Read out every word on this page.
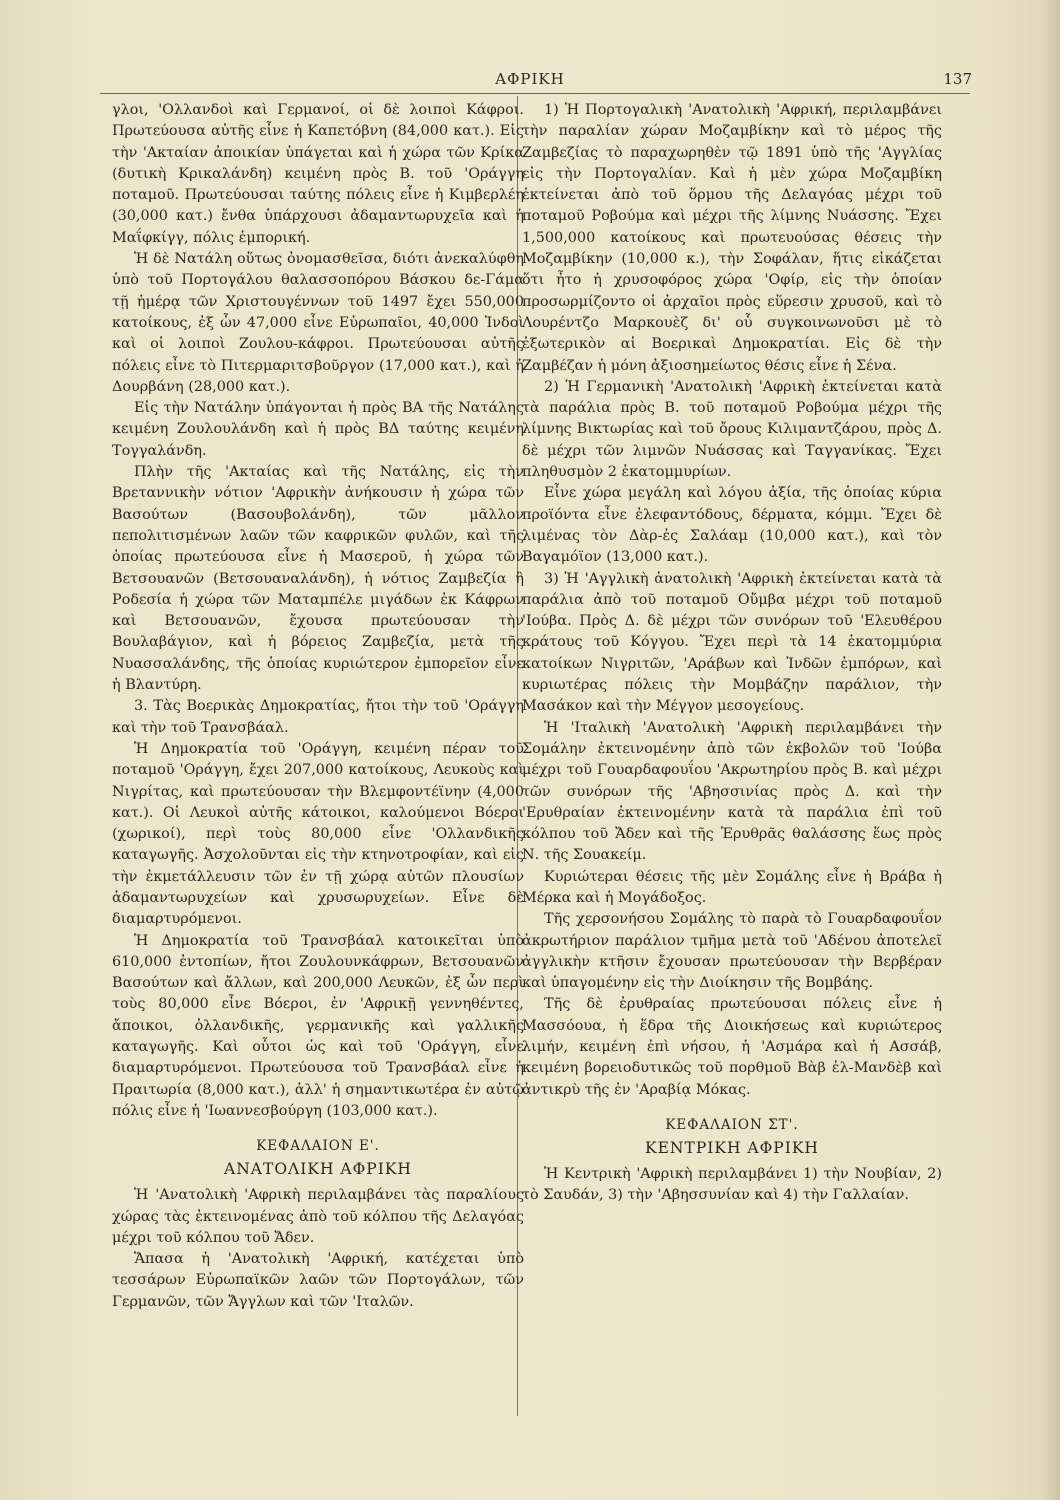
ΑΦΡΙΚΗ	137

γλοι, 'Ολλανδοὶ καὶ Γερμανοί, οἱ δὲ λοιποὶ Κάφροι. Πρωτεύουσα αὐτῆς εἶνε ἡ Καπετόβνη (84,000 κατ.). Εἰς τὴν 'Ακταίαν ἀποικίαν ὑπάγεται καὶ ἡ χώρα τῶν Κρίκα (δυτικὴ Κρικαλάνδη) κειμένη πρὸς Β. τοῦ 'Οράγγη ποταμοῦ. Πρωτεύουσαι ταύτης πόλεις εἶνε ἡ Κιμβερλέη (30,000 κατ.) ἔνθα ὑπάρχουσι ἀδαμαντωρυχεῖα καὶ ἡ Μαΐφκίγγ, πόλις ἐμπορική.

Ἡ δὲ Νατάλη οὕτως ὀνομασθεῖσα, διότι ἀνεκαλύφθη ὑπὸ τοῦ Πορτογάλου θαλασσοπόρου Βάσκου δε-Γάμα τῇ ἡμέρᾳ τῶν Χριστουγέννων τοῦ 1497 ἔχει 550,000 κατοίκους, ἐξ ὧν 47,000 εἶνε Εὐρωπαῖοι, 40,000 Ἰνδοὶ καὶ οἱ λοιποὶ Ζουλου-κάφροι. Πρωτεύουσαι αὐτῆς πόλεις εἶνε τὸ Πιτερμαριτσβοῦργον (17,000 κατ.), καὶ ἡ Δουρβάνη (28,000 κατ.).

Εἰς τὴν Νατάλην ὑπάγονται ἡ πρὸς ΒΑ τῆς Νατάλης κειμένη Ζουλουλάνδη καὶ ἡ πρὸς ΒΔ ταύτης κειμένη Τογγαλάνδη.

Πλὴν τῆς 'Ακταίας καὶ τῆς Νατάλης, εἰς τὴν Βρεταννικὴν νότιον 'Αφρικὴν ἀνήκουσιν ἡ χώρα τῶν Βασούτων (Βασουβολάνδη), τῶν μᾶλλον πεπολιτισμένων λαῶν τῶν καφρικῶν φυλῶν, καὶ τῆς ὁποίας πρωτεύουσα εἶνε ἡ Μασεροῦ, ἡ χώρα τῶν Βετσουανῶν (Βετσουαναλάνδη), ἡ νότιος Ζαμβεζία ἢ Ροδεσία ἡ χώρα τῶν Ματαμπέλε μιγάδων ἐκ Κάφρων καὶ Βετσουανῶν, ἔχουσα πρωτεύουσαν τὴν Βουλαβάγιον, καὶ ἡ βόρειος Ζαμβεζία, μετὰ τῆς Νυασσαλάνδης, τῆς ὁποίας κυριώτερον ἐμπορεῖον εἶνε ἡ Βλαντύρη.

3. Τὰς Βοερικὰς Δημοκρατίας, ἤτοι τὴν τοῦ 'Οράγγη καὶ τὴν τοῦ Τρανσβάαλ.

Ἡ Δημοκρατία τοῦ 'Οράγγη, κειμένη πέραν τοῦ ποταμοῦ 'Οράγγη, ἔχει 207,000 κατοίκους, Λευκοὺς καὶ Νιγρίτας, καὶ πρωτεύουσαν τὴν Βλεμφοντέϊνην (4,000 κατ.). Οἱ Λευκοὶ αὐτῆς κάτοικοι, καλούμενοι Βόεροι (χωρικοί), περὶ τοὺς 80,000 εἶνε 'Ολλανδικῆς καταγωγῆς. Ἀσχολοῦνται εἰς τὴν κτηνοτροφίαν, καὶ εἰς τὴν ἐκμετάλλευσιν τῶν ἐν τῇ χώρᾳ αὐτῶν πλουσίων ἀδαμαντωρυχείων καὶ χρυσωρυχείων. Εἶνε δὲ διαμαρτυρόμενοι.

Ἡ Δημοκρατία τοῦ Τρανσβάαλ κατοικεῖται ὑπὸ 610,000 ἐντοπίων, ἤτοι Ζουλουνκάφρων, Βετσουανῶν Βασούτων καὶ ἄλλων, καὶ 200,000 Λευκῶν, ἐξ ὧν περὶ τοὺς 80,000 εἶνε Βόεροι, ἐν 'Αφρικῇ γεννηθέντες, ἄποικοι, ὀλλανδικῆς, γερμανικῆς καὶ γαλλικῆς καταγωγῆς. Καὶ οὗτοι ὡς καὶ τοῦ 'Οράγγη, εἶνε διαμαρτυρόμενοι. Πρωτεύουσα τοῦ Τρανσβάαλ εἶνε ἡ Πραιτωρία (8,000 κατ.), ἀλλ' ἡ σημαντικωτέρα ἐν αὐτῷ πόλις εἶνε ἡ 'Ιωαννεσβούργη (103,000 κατ.).

ΚΕΦΑΛΑΙΟΝ Ε'.
ΑΝΑΤΟΛΙΚΗ ΑΦΡΙΚΗ

Ἡ 'Ανατολικὴ 'Αφρικὴ περιλαμβάνει τὰς παραλίους χώρας τὰς ἐκτεινομένας ἀπὸ τοῦ κόλπου τῆς Δελαγόας μέχρι τοῦ κόλπου τοῦ Ἄδεν.

Ἅπασα ἡ 'Ανατολικὴ 'Αφρική, κατέχεται ὑπὸ τεσσάρων Εὐρωπαϊκῶν λαῶν τῶν Πορτογάλων, τῶν Γερμανῶν, τῶν Ἄγγλων καὶ τῶν 'Ιταλῶν.

1) Ἡ Πορτογαλικὴ 'Ανατολικὴ 'Αφρική, περιλαμβάνει τὴν παραλίαν χώραν Μοζαμβίκην καὶ τὸ μέρος τῆς Ζαμβεζίας τὸ παραχωρηθὲν τῷ 1891 ὑπὸ τῆς 'Αγγλίας εἰς τὴν Πορτογαλίαν. Καὶ ἡ μὲν χώρα Μοζαμβίκη ἐκτείνεται ἀπὸ τοῦ ὅρμου τῆς Δελαγόας μέχρι τοῦ ποταμοῦ Ροβούμα καὶ μέχρι τῆς λίμνης Νυάσσης. Ἔχει 1,500,000 κατοίκους καὶ πρωτευούσας θέσεις τὴν Μοζαμβίκην (10,000 κ.), τὴν Σοφάλαν, ἥτις εἰκάζεται ὅτι ἦτο ἡ χρυσοφόρος χώρα 'Οφίρ, εἰς τὴν ὁποίαν προσωρμίζοντο οἱ ἀρχαῖοι πρὸς εὕρεσιν χρυσοῦ, καὶ τὸ Λουρέντζο Μαρκουὲζ δι' οὗ συγκοινωνοῦσι μὲ τὸ ἐξωτερικὸν αἱ Βοερικαὶ Δημοκρατίαι. Εἰς δὲ τὴν Ζαμβέζαν ἡ μόνη ἀξιοσημείωτος θέσις εἶνε ἡ Σένα.

2) Ἡ Γερμανικὴ 'Ανατολικὴ 'Αφρικὴ ἐκτείνεται κατὰ τὰ παράλια πρὸς Β. τοῦ ποταμοῦ Ροβούμα μέχρι τῆς λίμνης Βικτωρίας καὶ τοῦ ὄρους Κιλιμαντζάρου, πρὸς Δ. δὲ μέχρι τῶν λιμνῶν Νυάσσας καὶ Ταγγανίκας. Ἔχει πληθυσμὸν 2 ἑκατομμυρίων.

Εἶνε χώρα μεγάλη καὶ λόγου ἀξία, τῆς ὁποίας κύρια προϊόντα εἶνε ἐλεφαντόδους, δέρματα, κόμμι. Ἔχει δὲ λιμένας τὸν Δὰρ-ἐς Σαλάαμ (10,000 κατ.), καὶ τὸν Βαγαμόϊον (13,000 κατ.).

3) Ἡ 'Αγγλικὴ ἀνατολικὴ 'Αφρικὴ ἐκτείνεται κατὰ τὰ παράλια ἀπὸ τοῦ ποταμοῦ Οὔμβα μέχρι τοῦ ποταμοῦ 'Ιούβα. Πρὸς Δ. δὲ μέχρι τῶν συνόρων τοῦ 'Ελευθέρου κράτους τοῦ Κόγγου. Ἔχει περὶ τὰ 14 ἑκατομμύρια κατοίκων Νιγριτῶν, 'Αράβων καὶ Ἰνδῶν ἐμπόρων, καὶ κυριωτέρας πόλεις τὴν Μομβάζην παράλιον, τὴν Μασάκον καὶ τὴν Μέγγον μεσογείους.

Ἡ 'Ιταλικὴ 'Ανατολικὴ 'Αφρικὴ περιλαμβάνει τὴν Σομάλην ἐκτεινομένην ἀπὸ τῶν ἐκβολῶν τοῦ 'Ιούβα μέχρι τοῦ Γουαρδαφουΐου 'Ακρωτηρίου πρὸς Β. καὶ μέχρι τῶν συνόρων τῆς 'Αβησσινίας πρὸς Δ. καὶ τὴν 'Ερυθραίαν ἐκτεινομένην κατὰ τὰ παράλια ἐπὶ τοῦ κόλπου τοῦ Ἄδεν καὶ τῆς Ἐρυθρᾶς θαλάσσης ἕως πρὸς Ν. τῆς Σουακείμ.

Κυριώτεραι θέσεις τῆς μὲν Σομάλης εἶνε ἡ Βράβα ἡ Μέρκα καὶ ἡ Μογάδοξος.

Τῆς χερσονήσου Σομάλης τὸ παρὰ τὸ Γουαρδαφουΐον ἀκρωτήριον παράλιον τμῆμα μετὰ τοῦ 'Αδένου ἀποτελεῖ ἀγγλικὴν κτῆσιν ἔχουσαν πρωτεύουσαν τὴν Βερβέραν καὶ ὑπαγομένην εἰς τὴν Διοίκησιν τῆς Βομβάης.

Τῆς δὲ ἐρυθραίας πρωτεύουσαι πόλεις εἶνε ἡ Μασσόουα, ἡ ἕδρα τῆς Διοικήσεως καὶ κυριώτερος λιμήν, κειμένη ἐπὶ νήσου, ἡ 'Ασμάρα καὶ ἡ Ασσάβ, κειμένη βορειοδυτικῶς τοῦ πορθμοῦ Βὰβ ἐλ-Μανδὲβ καὶ ἀντικρὺ τῆς ἐν 'Αραβίᾳ Μόκας.

ΚΕΦΑΛΑΙΟΝ ΣΤ'.
ΚΕΝΤΡΙΚΗ ΑΦΡΙΚΗ

Ἡ Κεντρικὴ 'Αφρικὴ περιλαμβάνει 1) τὴν Νουβίαν, 2) τὸ Σαυδάν, 3) τὴν 'Αβησσυνίαν καὶ 4) τὴν Γαλλαίαν.
